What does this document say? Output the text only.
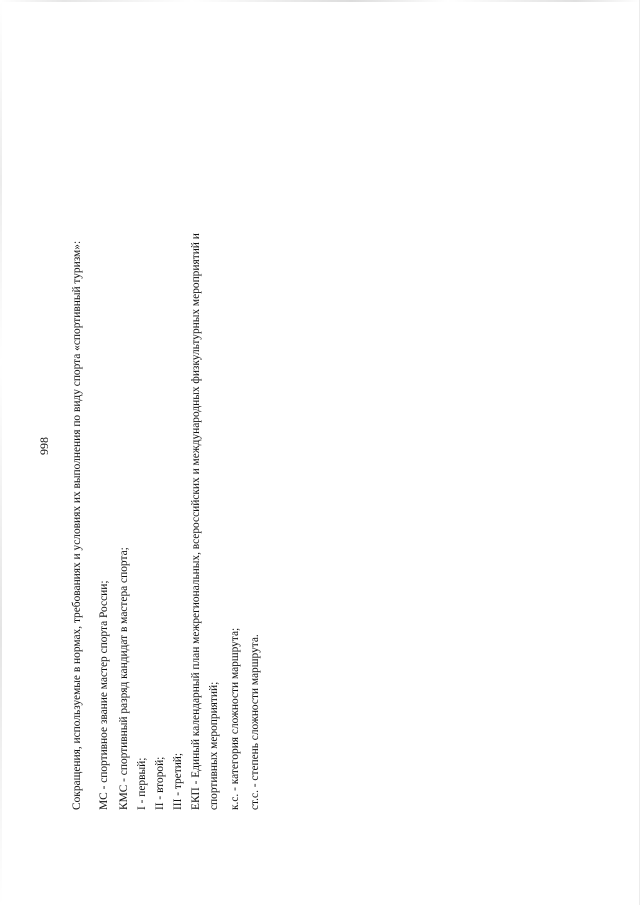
998 Сокращения, используемые в нормах, требованиях и условиях их выполнения по виду спорта «спортивный туризм»: МС - спортивное звание мастер спорта России; КМС - спортивный разряд кандидат в мастера спорта; I - первый; II - второй; III - третий; ЕКП - Единый календарный план межрегиональных, всероссийских и международных физкультурных мероприятий и спортивных мероприятий; к.с. - категория сложности маршрута; ст.с. - степень сложности маршрута.
